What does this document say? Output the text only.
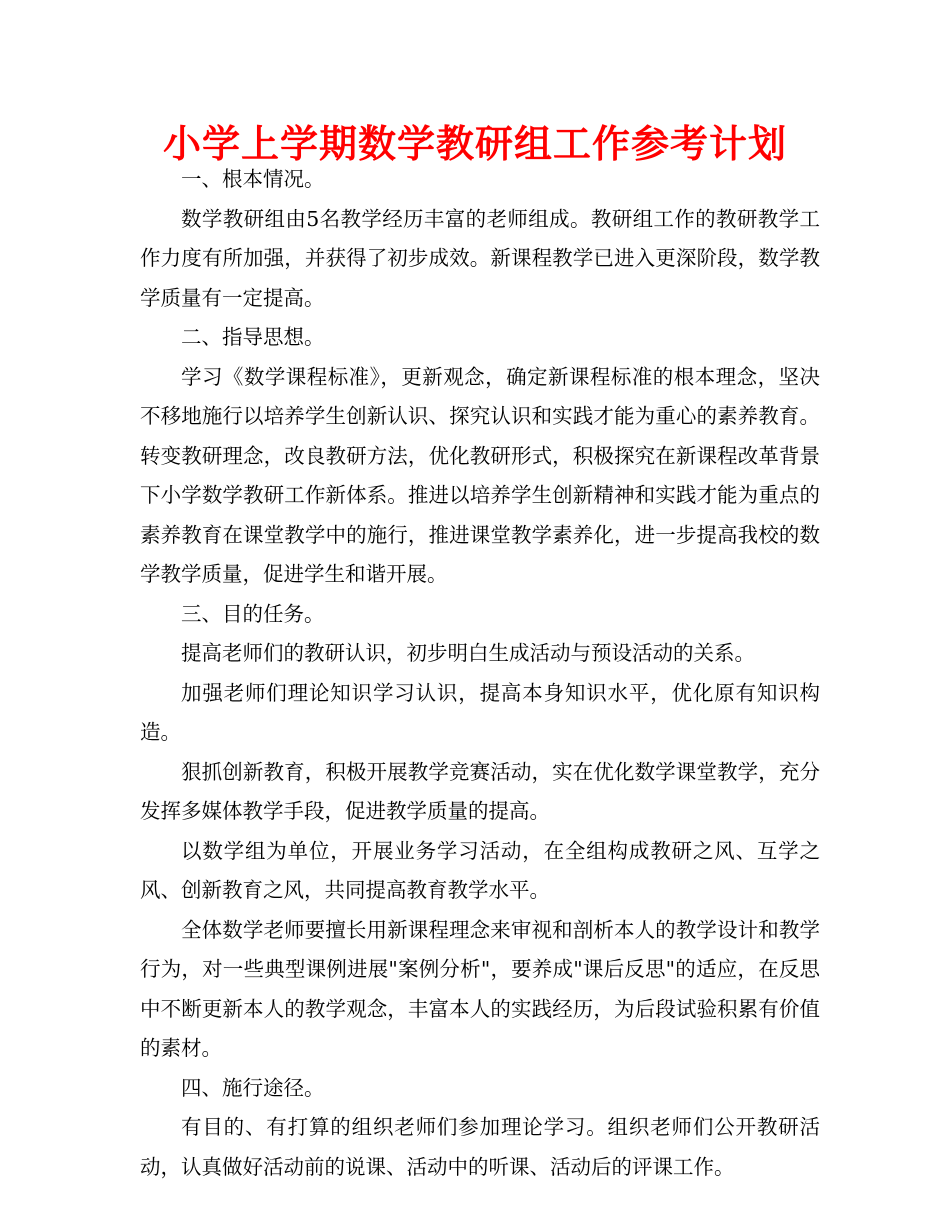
小学上学期数学教研组工作参考计划

一、根本情况。

数学教研组由5名教学经历丰富的老师组成。教研组工作的教研教学工作力度有所加强，并获得了初步成效。新课程教学已进入更深阶段，数学教学质量有一定提高。

二、指导思想。

学习《数学课程标准》，更新观念，确定新课程标准的根本理念，坚决不移地施行以培养学生创新认识、探究认识和实践才能为重心的素养教育。转变教研理念，改良教研方法，优化教研形式，积极探究在新课程改革背景下小学数学教研工作新体系。推进以培养学生创新精神和实践才能为重点的素养教育在课堂教学中的施行，推进课堂教学素养化，进一步提高我校的数学教学质量，促进学生和谐开展。

三、目的任务。

提高老师们的教研认识，初步明白生成活动与预设活动的关系。

加强老师们理论知识学习认识，提高本身知识水平，优化原有知识构造。

狠抓创新教育，积极开展教学竞赛活动，实在优化数学课堂教学，充分发挥多媒体教学手段，促进教学质量的提高。

以数学组为单位，开展业务学习活动，在全组构成教研之风、互学之风、创新教育之风，共同提高教育教学水平。

全体数学老师要擅长用新课程理念来审视和剖析本人的教学设计和教学行为，对一些典型课例进展"案例分析"，要养成"课后反思"的适应，在反思中不断更新本人的教学观念，丰富本人的实践经历，为后段试验积累有价值的素材。

四、施行途径。

有目的、有打算的组织老师们参加理论学习。组织老师们公开教研活动，认真做好活动前的说课、活动中的听课、活动后的评课工作。
